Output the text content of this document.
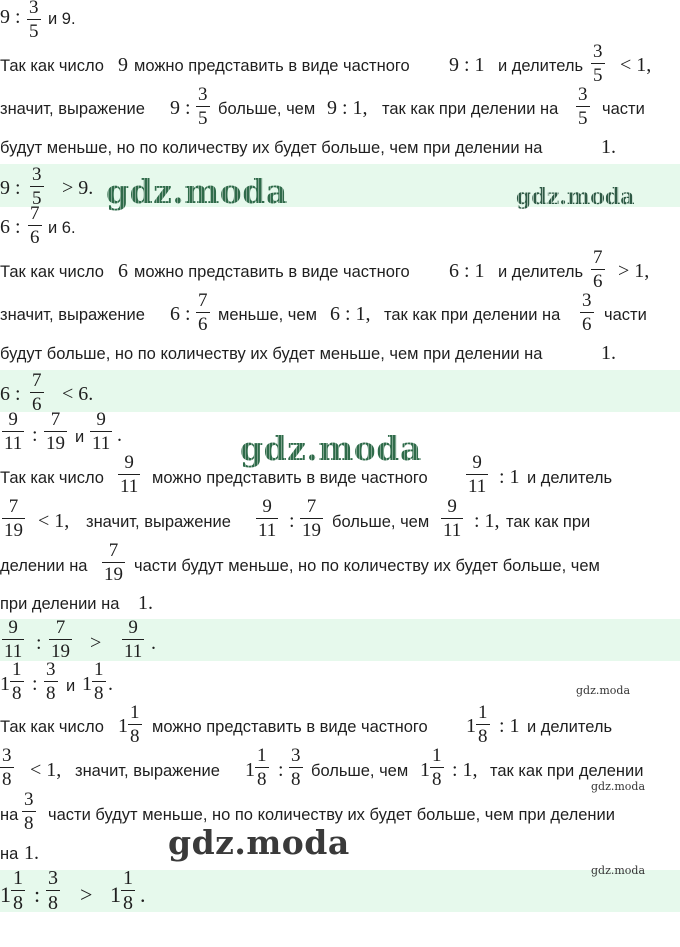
9 : 3
5
и 9.
Так как число 9 можно представить в виде частного 9 : 1 и делитель
3
5 < 1,
значит, выражение 9 :
3
5 больше, чем 9 : 1, так как при делении на
3
5 части
будут меньше, но по количеству их будет больше, чем при делении на	1.
9 :
3
5 > 9.
6 :
7
6 и 6.
Так как число 6 можно представить в виде частного 6 : 1 и делитель
7
6 > 1,
значит, выражение 6 :
7
6 меньше, чем 6 : 1, так как при делении на
3
6 части
будут больше, но по количеству их будет меньше, чем при делении на	1.
6 :
7
6 < 6.
9
11 :
7
19 и
9
11 .
Так как число
9
11 можно представить в виде частного
9
11 : 1 и делитель
7
19 < 1, значит, выражение
9
11 :
7
19 больше, чем
9
11 : 1, так как при
делении на
7
19 части будут меньше, но по количеству их будет больше, чем
при делении на 1.
9
11 :
7
19 >
9
11 .
1
1
8 :
3
8 и 1
1
8 .
Так как число 1
1
8 можно представить в виде частного 1
1
8 : 1 и делитель
3
8 < 1, значит, выражение 1
1
8 :
3
8 больше, чем 1
1
8 : 1, так как при делении
на
3
8 части будут меньше, но по количеству их будет больше, чем при делении
на 1.
1
1
8 :
3
8 > 1
1
8 .
gdz.moda	gdz.moda
gdz.moda
gdz.moda
gdz.moda
gdz.moda
gdz.moda
